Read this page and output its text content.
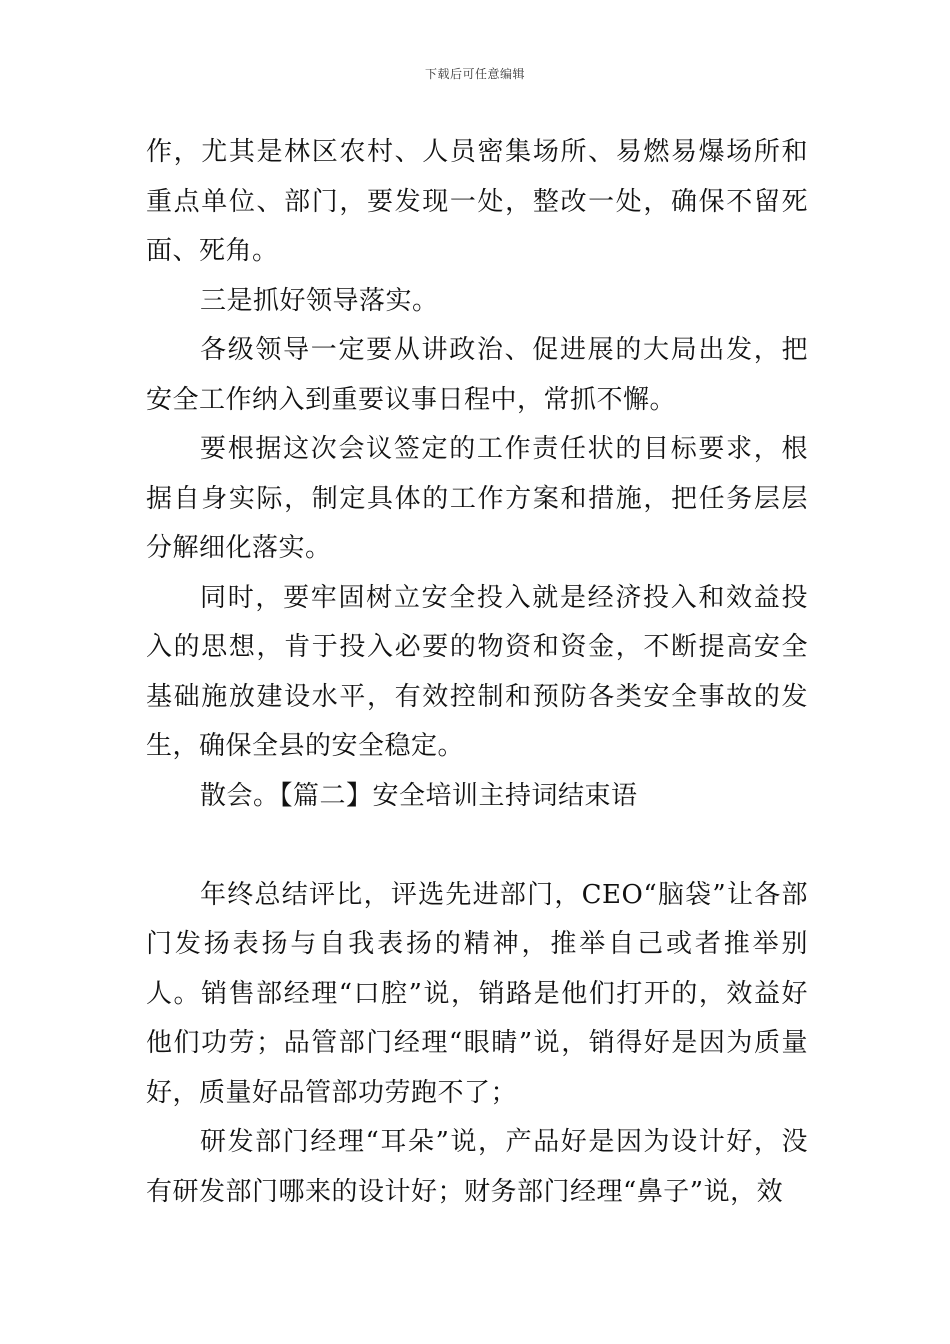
下载后可任意编辑

作，尤其是林区农村、人员密集场所、易燃易爆场所和重点单位、部门，要发现一处，整改一处，确保不留死面、死角。

三是抓好领导落实。

各级领导一定要从讲政治、促进展的大局出发，把安全工作纳入到重要议事日程中，常抓不懈。

要根据这次会议签定的工作责任状的目标要求，根据自身实际，制定具体的工作方案和措施，把任务层层分解细化落实。

同时，要牢固树立安全投入就是经济投入和效益投入的思想，肯于投入必要的物资和资金，不断提高安全基础施放建设水平，有效控制和预防各类安全事故的发生，确保全县的安全稳定。

散会。【篇二】安全培训主持词结束语

年终总结评比，评选先进部门，CEO“脑袋”让各部门发扬表扬与自我表扬的精神，推举自己或者推举别人。销售部经理“口腔”说，销路是他们打开的，效益好他们功劳；品管部门经理“眼睛”说，销得好是因为质量好，质量好品管部功劳跑不了；

研发部门经理“耳朵”说，产品好是因为设计好，没有研发部门哪来的设计好；财务部门经理“鼻子”说，效
